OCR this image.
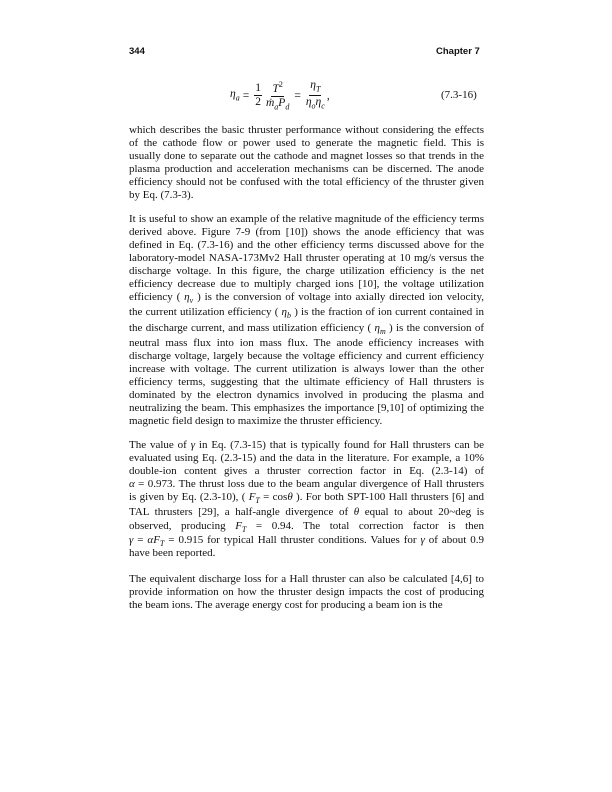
344	Chapter 7
$\eta_a = \frac{1}{2} \frac{T^2}{ṁ_aP_d} = \frac{\eta_T}{\eta_o\eta_c}$ ,	(7.3-16)
which describes the basic thruster performance without considering the effects
of the cathode flow or power used to generate the magnetic field. This is
usually done to separate out the cathode and magnet losses so that trends in the
plasma production and acceleration mechanisms can be discerned. The anode
efficiency should not be confused with the total efficiency of the thruster given
by Eq. (7.3-3).
It is useful to show an example of the relative magnitude of the efficiency terms
derived above. Figure 7-9 (from [10]) shows the anode efficiency that was
defined in Eq. (7.3-16) and the other efficiency terms discussed above for the
laboratory-model NASA-173Mv2 Hall thruster operating at 10 mg/s versus the
discharge voltage. In this figure, the charge utilization efficiency is the net
efficiency decrease due to multiply charged ions [10], the voltage utilization
efficiency ( $\eta_v$ ) is the conversion of voltage into axially directed ion velocity,
the current utilization efficiency ( $\eta_b$ ) is the fraction of ion current contained in
the discharge current, and mass utilization efficiency ( $\eta_m$ ) is the conversion of
neutral mass flux into ion mass flux. The anode efficiency increases with
discharge voltage, largely because the voltage efficiency and current efficiency
increase with voltage. The current utilization is always lower than the other
efficiency terms, suggesting that the ultimate efficiency of Hall thrusters is
dominated by the electron dynamics involved in producing the plasma and
neutralizing the beam. This emphasizes the importance [9,10] of optimizing the
magnetic field design to maximize the thruster efficiency.
The value of γ in Eq. (7.3-15) that is typically found for Hall thrusters can be
evaluated using Eq. (2.3-15) and the data in the literature. For example, a 10%
double-ion content gives a thruster correction factor in Eq. (2.3-14) of
α = 0.973. The thrust loss due to the beam angular divergence of Hall thrusters
is given by Eq. (2.3-10), ( $F_T = \cos\theta$ ). For both SPT-100 Hall thrusters [6] and
TAL thrusters [29], a half-angle divergence of θ equal to about 20~deg is
observed, producing $F_T = 0.94$. The total correction factor is then
$\gamma = \alpha F_T = 0.915$ for typical Hall thruster conditions. Values for γ of about 0.9
have been reported.
The equivalent discharge loss for a Hall thruster can also be calculated [4,6] to
provide information on how the thruster design impacts the cost of producing
the beam ions. The average energy cost for producing a beam ion is the
